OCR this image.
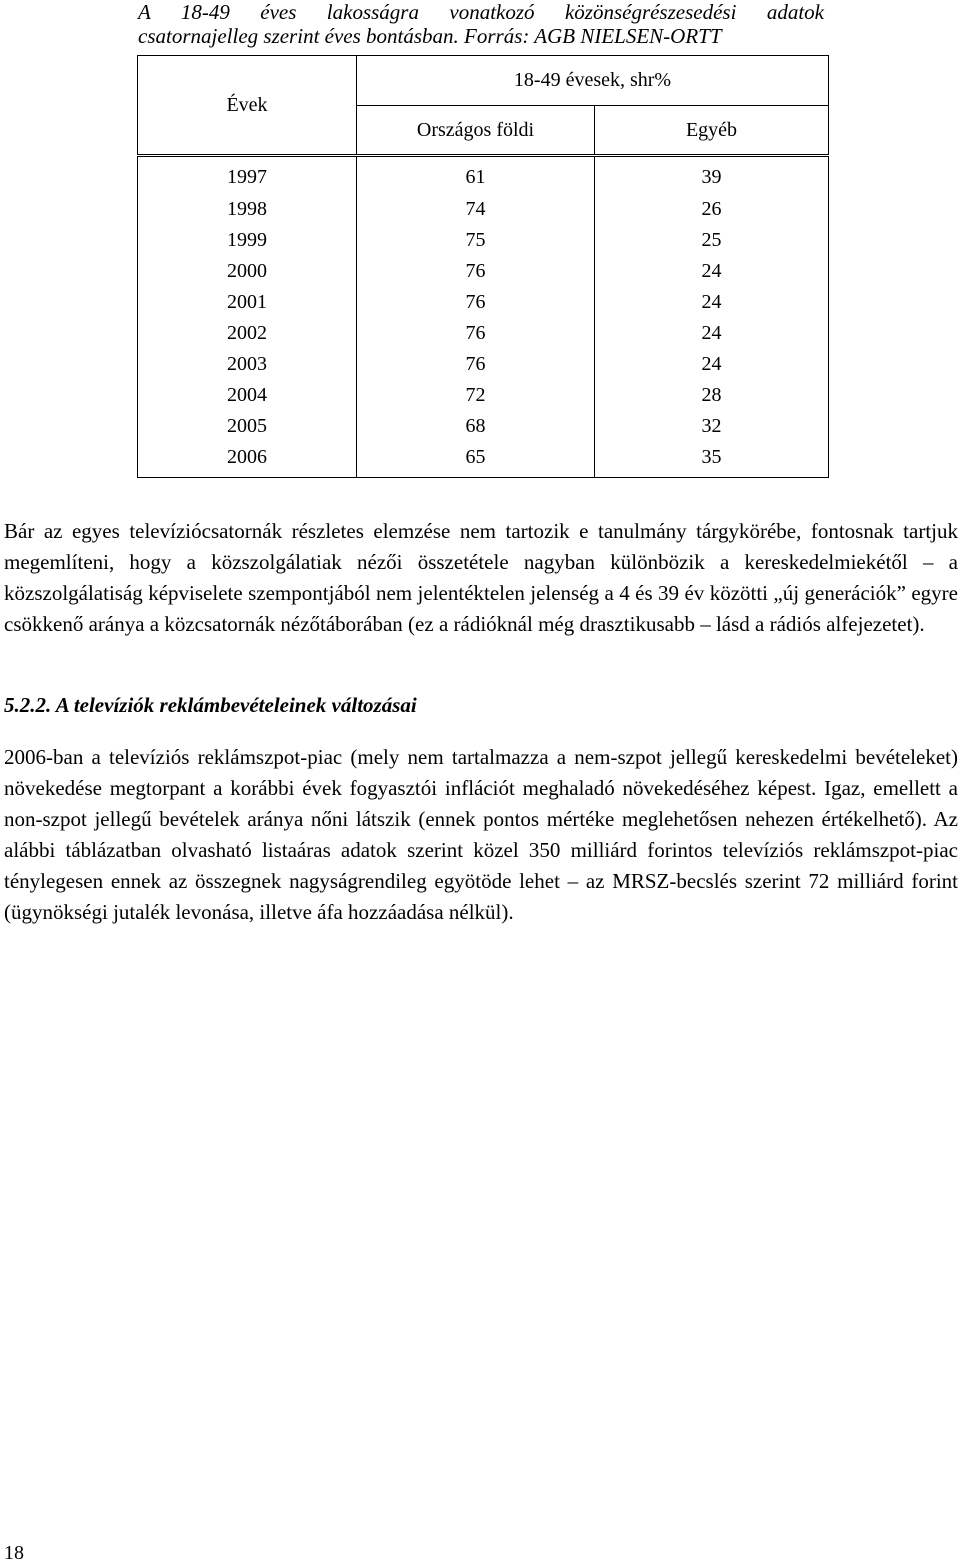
A 18-49 éves lakosságra vonatkozó közönségrészesedési adatok

csatornajelleg szerint éves bontásban. Forrás: AGB NIELSEN-ORTT

Évek	18-49 évesek, shr%	
	Országos földi	Egyéb
1997	61	39
1998	74	26
1999	75	25
2000	76	24
2001	76	24
2002	76	24
2003	76	24
2004	72	28
2005	68	32
2006	65	35

Bár az egyes televíziócsatornák részletes elemzése nem tartozik e tanulmány tárgykörébe, fontosnak tartjuk megemlíteni, hogy a közszolgálatiak nézői összetétele nagyban különbözik a kereskedelmiekétől – a közszolgálatiság képviselete szempontjából nem jelentéktelen jelenség a 4 és 39 év közötti „új generációk” egyre csökkenő aránya a közcsatornák nézőtáborában (ez a rádióknál még drasztikusabb – lásd a rádiós alfejezetet).

5.2.2. A televíziók reklámbevételeinek változásai

2006-ban a televíziós reklámszpot-piac (mely nem tartalmazza a nem-szpot jellegű kereskedelmi bevételeket) növekedése megtorpant a korábbi évek fogyasztói inflációt meghaladó növekedéséhez képest. Igaz, emellett a non-szpot jellegű bevételek aránya nőni látszik (ennek pontos mértéke meglehetősen nehezen értékelhető). Az alábbi táblázatban olvasható listaáras adatok szerint közel 350 milliárd forintos televíziós reklámszpot-piac ténylegesen ennek az összegnek nagyságrendileg egyötöde lehet – az MRSZ-becslés szerint 72 milliárd forint (ügynökségi jutalék levonása, illetve áfa hozzáadása nélkül).

18
